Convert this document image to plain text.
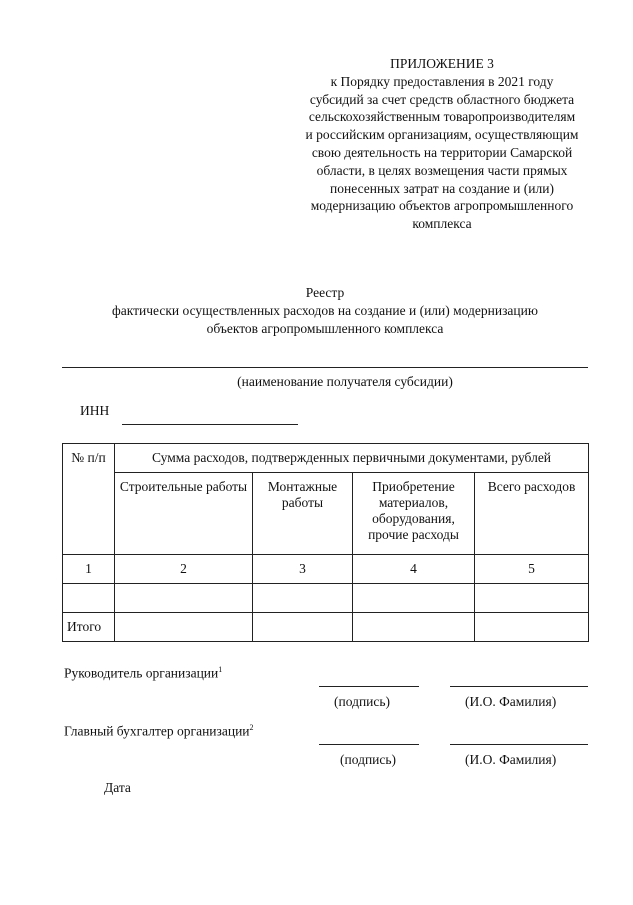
ПРИЛОЖЕНИЕ 3
к Порядку предоставления в 2021 году
субсидий за счет средств областного бюджета
сельскохозяйственным товаропроизводителям
и российским организациям, осуществляющим
свою деятельность на территории Самарской
области, в целях возмещения части прямых
понесенных затрат на создание и (или)
модернизацию объектов агропромышленного
комплекса
Реестр
фактически осуществленных расходов на создание и (или) модернизацию
объектов агропромышленного комплекса
(наименование получателя субсидии)
ИНН
№ п/п	Сумма расходов, подтвержденных первичными документами, рублей			
	Строительные работы	Монтажные работы	Приобретение материалов, оборудования, прочие расходы	Всего расходов
1	2	3	4	5

Итого				
Руководитель организации$^1$
(подпись)	(И.О. Фамилия)
Главный бухгалтер организации$^2$
(подпись)	(И.О. Фамилия)
Дата
